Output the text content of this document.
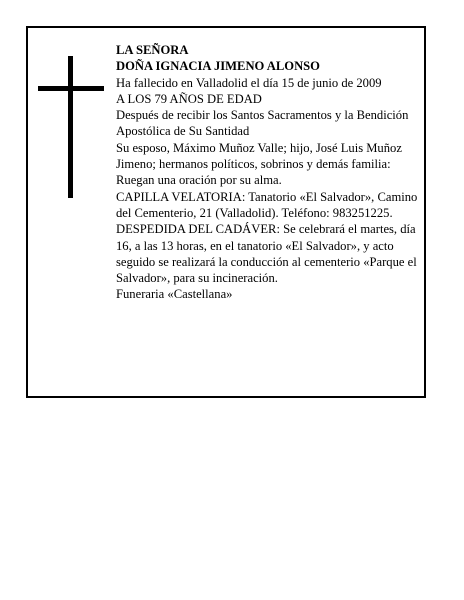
LA SEÑORA

DOÑA IGNACIA JIMENO ALONSO

Ha fallecido en Valladolid el día 15 de junio de 2009

A LOS 79 AÑOS DE EDAD

Después de recibir los Santos Sacramentos y la Bendición Apostólica de Su Santidad

Su esposo, Máximo Muñoz Valle; hijo, José Luis Muñoz Jimeno; hermanos políticos, sobrinos y demás familia:

Ruegan una oración por su alma.

CAPILLA VELATORIA: Tanatorio «El Salvador», Camino del Cementerio, 21 (Valladolid). Teléfono: 983251225.

DESPEDIDA DEL CADÁVER: Se celebrará el martes, día 16, a las 13 horas, en el tanatorio «El Salvador», y acto seguido se realizará la conducción al cementerio «Parque el Salvador», para su incineración.

Funeraria «Castellana»
